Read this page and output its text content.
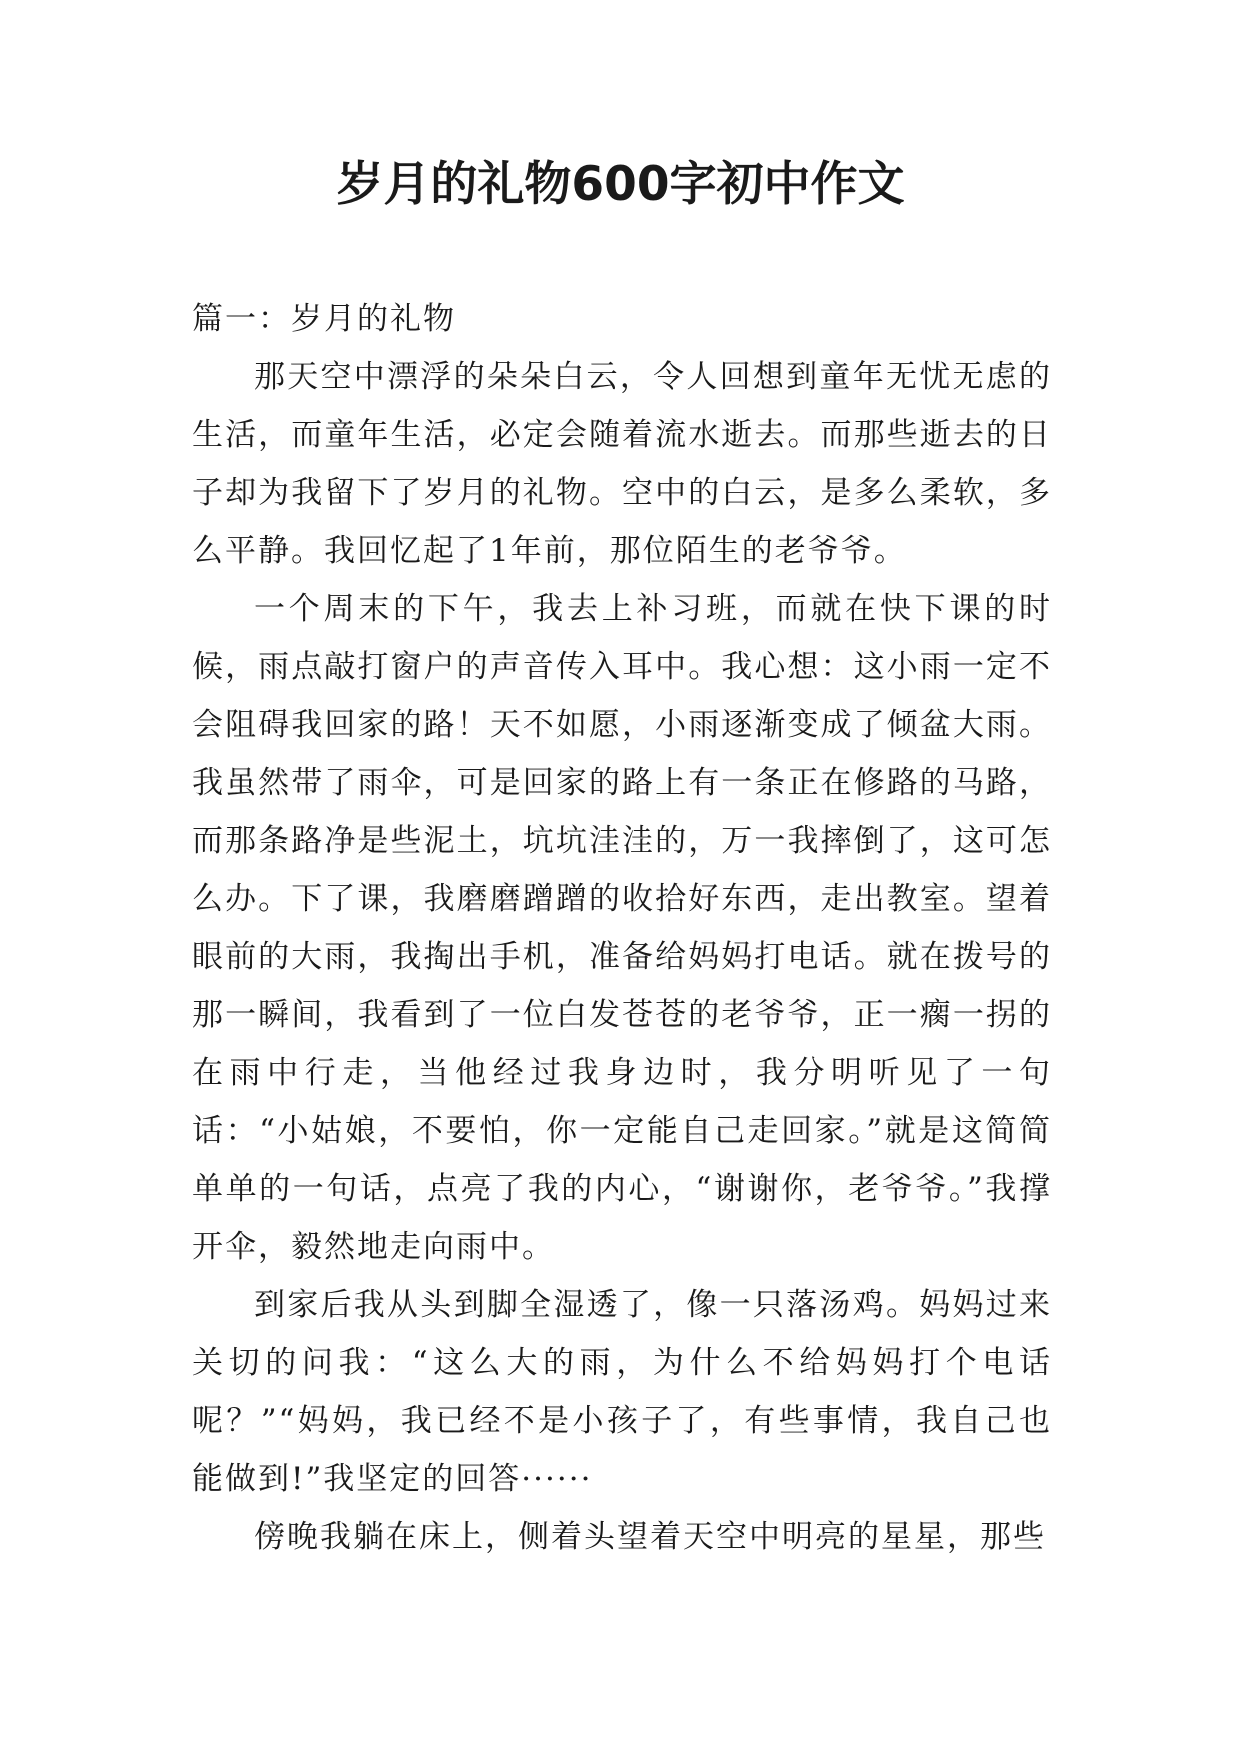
岁月的礼物600字初中作文

篇一：岁月的礼物

那天空中漂浮的朵朵白云，令人回想到童年无忧无虑的生活，而童年生活，必定会随着流水逝去。而那些逝去的日子却为我留下了岁月的礼物。空中的白云，是多么柔软，多么平静。我回忆起了1年前，那位陌生的老爷爷。

一个周末的下午，我去上补习班，而就在快下课的时候，雨点敲打窗户的声音传入耳中。我心想：这小雨一定不会阻碍我回家的路！天不如愿，小雨逐渐变成了倾盆大雨。我虽然带了雨伞，可是回家的路上有一条正在修路的马路，而那条路净是些泥土，坑坑洼洼的，万一我摔倒了，这可怎么办。下了课，我磨磨蹭蹭的收拾好东西，走出教室。望着眼前的大雨，我掏出手机，准备给妈妈打电话。就在拨号的那一瞬间，我看到了一位白发苍苍的老爷爷，正一瘸一拐的在雨中行走，当他经过我身边时，我分明听见了一句话：“小姑娘，不要怕，你一定能自己走回家。”就是这简简单单的一句话，点亮了我的内心，“谢谢你，老爷爷。”我撑开伞，毅然地走向雨中。

到家后我从头到脚全湿透了，像一只落汤鸡。妈妈过来关切的问我：“这么大的雨，为什么不给妈妈打个电话呢？”“妈妈，我已经不是小孩子了，有些事情，我自己也能做到!”我坚定的回答······

傍晚我躺在床上，侧着头望着天空中明亮的星星，那些
